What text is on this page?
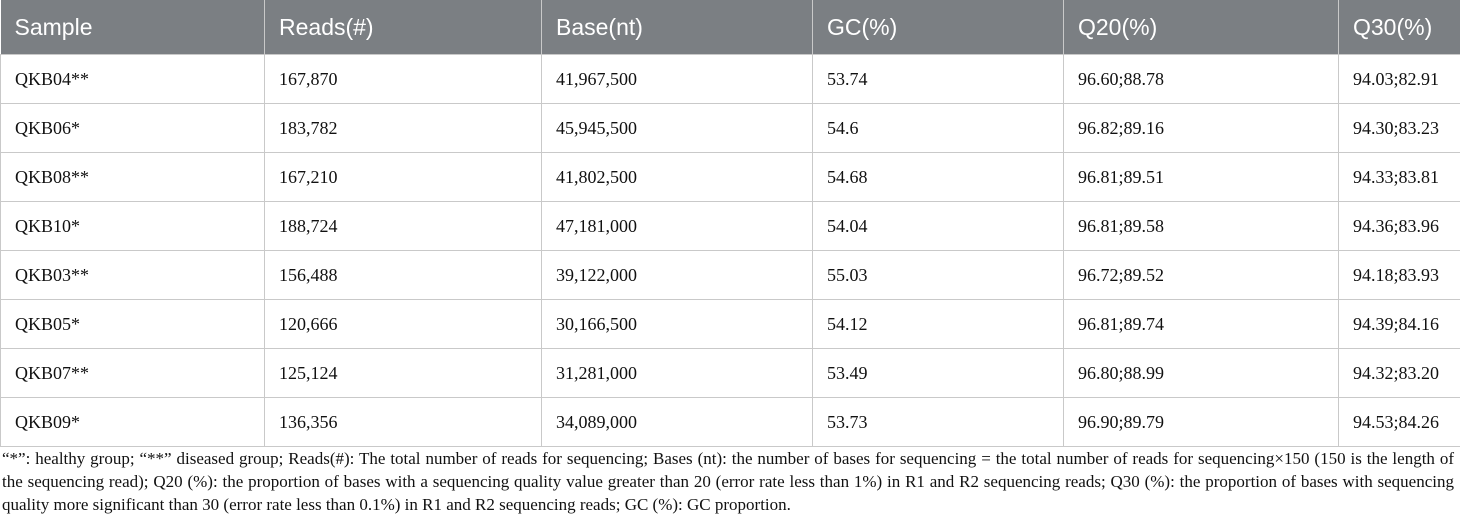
Sample	Reads(#)	Base(nt)	GC(%)	Q20(%)	Q30(%)
QKB04**	167,870	41,967,500	53.74	96.60;88.78	94.03;82.91
QKB06*	183,782	45,945,500	54.6	96.82;89.16	94.30;83.23
QKB08**	167,210	41,802,500	54.68	96.81;89.51	94.33;83.81
QKB10*	188,724	47,181,000	54.04	96.81;89.58	94.36;83.96
QKB03**	156,488	39,122,000	55.03	96.72;89.52	94.18;83.93
QKB05*	120,666	30,166,500	54.12	96.81;89.74	94.39;84.16
QKB07**	125,124	31,281,000	53.49	96.80;88.99	94.32;83.20
QKB09*	136,356	34,089,000	53.73	96.90;89.79	94.53;84.26

“*”: healthy group; “**” diseased group; Reads(#): The total number of reads for sequencing; Bases (nt): the number of bases for sequencing = the total number of reads for sequencing×150 (150 is the length of the sequencing read); Q20 (%): the proportion of bases with a sequencing quality value greater than 20 (error rate less than 1%) in R1 and R2 sequencing reads; Q30 (%): the proportion of bases with sequencing quality more significant than 30 (error rate less than 0.1%) in R1 and R2 sequencing reads; GC (%): GC proportion.
